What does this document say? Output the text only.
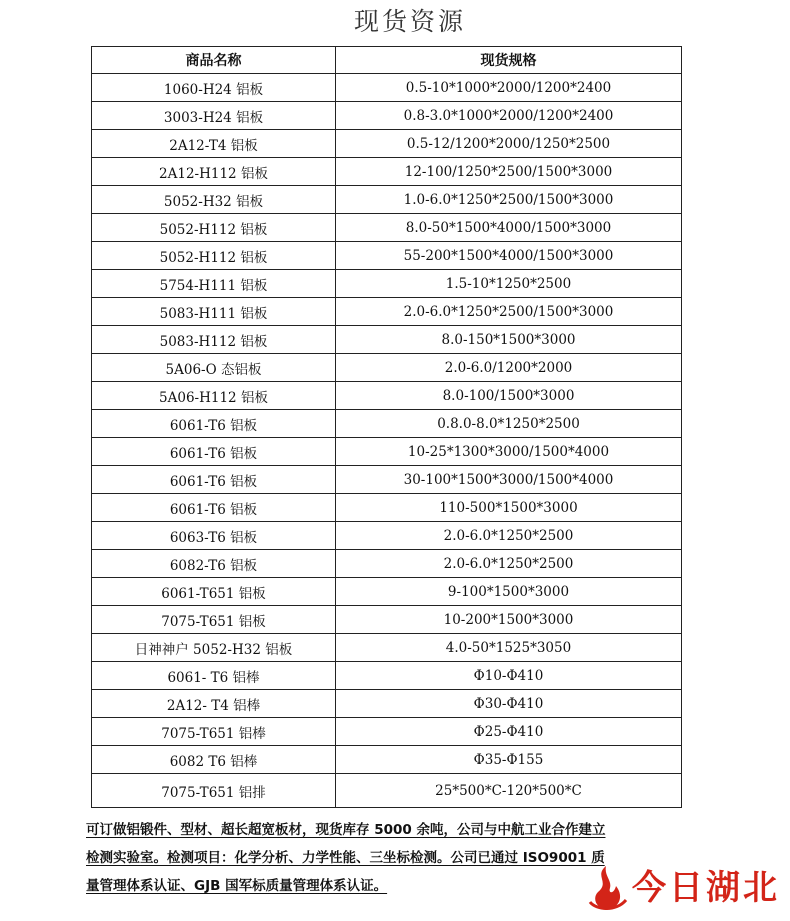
现货资源
商品名称	现货规格
1060-H24 铝板	0.5-10*1000*2000/1200*2400
3003-H24 铝板	0.8-3.0*1000*2000/1200*2400
2A12-T4 铝板	0.5-12/1200*2000/1250*2500
2A12-H112 铝板	12-100/1250*2500/1500*3000
5052-H32 铝板	1.0-6.0*1250*2500/1500*3000
5052-H112 铝板	8.0-50*1500*4000/1500*3000
5052-H112 铝板	55-200*1500*4000/1500*3000
5754-H111 铝板	1.5-10*1250*2500
5083-H111 铝板	2.0-6.0*1250*2500/1500*3000
5083-H112 铝板	8.0-150*1500*3000
5A06-O 态铝板	2.0-6.0/1200*2000
5A06-H112 铝板	8.0-100/1500*3000
6061-T6 铝板	0.8.0-8.0*1250*2500
6061-T6 铝板	10-25*1300*3000/1500*4000
6061-T6 铝板	30-100*1500*3000/1500*4000
6061-T6 铝板	110-500*1500*3000
6063-T6 铝板	2.0-6.0*1250*2500
6082-T6 铝板	2.0-6.0*1250*2500
6061-T651 铝板	9-100*1500*3000
7075-T651 铝板	10-200*1500*3000
日神神户 5052-H32 铝板	4.0-50*1525*3050
6061- T6 铝棒	Φ10-Φ410
2A12- T4 铝棒	Φ30-Φ410
7075-T651 铝棒	Φ25-Φ410
6082 T6 铝棒	Φ35-Φ155
7075-T651 铝排	25*500*C-120*500*C
可订做铝锻件、型材、超长超宽板材，现货库存 5000 余吨，公司与中航工业合作建立
检测实验室。检测项目：化学分析、力学性能、三坐标检测。公司已通过 ISO9001 质
量管理体系认证、GJB 国军标质量管理体系认证。	今日湖北
